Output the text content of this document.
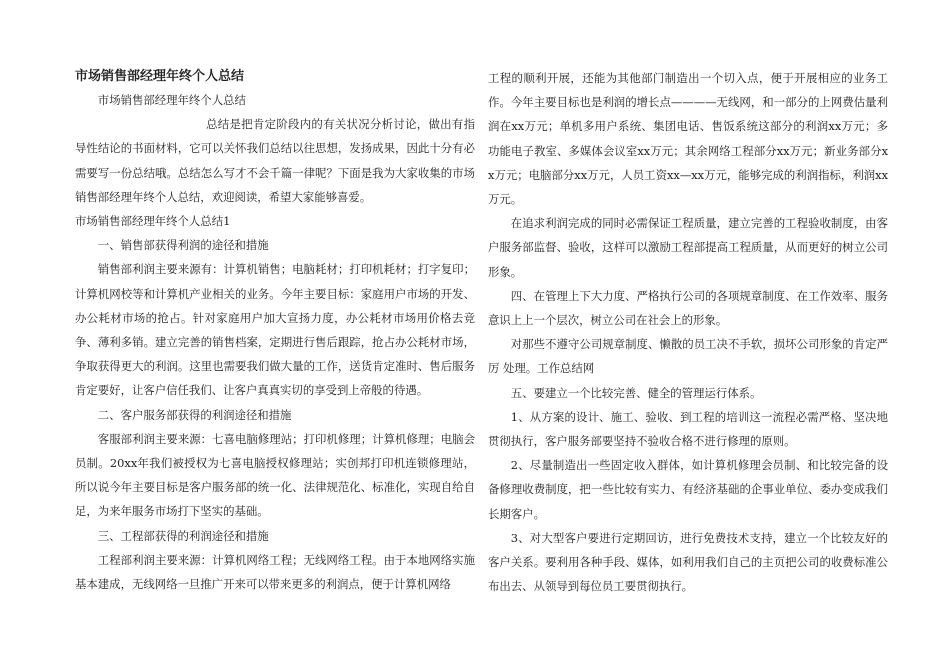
市场销售部经理年终个人总结

市场销售部经理年终个人总结

总结是把肯定阶段内的有关状况分析讨论，做出有指导性结论的书面材料，它可以关怀我们总结以往思想，发扬成果，因此十分有必需要写一份总结哦。总结怎么写才不会千篇一律呢？下面是我为大家收集的市场销售部经理年终个人总结，欢迎阅读，希望大家能够喜爱。

市场销售部经理年终个人总结1

一、销售部获得利润的途径和措施

销售部利润主要来源有：计算机销售；电脑耗材；打印机耗材；打字复印；计算机网校等和计算机产业相关的业务。今年主要目标：家庭用户市场的开发、办公耗材市场的抢占。针对家庭用户加大宣扬力度，办公耗材市场用价格去竞争、薄利多销。建立完善的销售档案，定期进行售后跟踪，抢占办公耗材市场，争取获得更大的利润。这里也需要我们做大量的工作，送货肯定准时、售后服务肯定要好，让客户信任我们、让客户真真实切的享受到上帝般的待遇。

二、客户服务部获得的利润途径和措施

客服部利润主要来源：七喜电脑修理站；打印机修理；计算机修理；电脑会员制。20xx年我们被授权为七喜电脑授权修理站；实创邦打印机连锁修理站，所以说今年主要目标是客户服务部的统一化、法律规范化、标准化，实现自给自足，为来年服务市场打下坚实的基础。

三、工程部获得的利润途径和措施

工程部利润主要来源：计算机网络工程；无线网络工程。由于本地网络实施基本建成，无线网络一旦推广开来可以带来更多的利润点，便于计算机网络

工程的顺利开展，还能为其他部门制造出一个切入点，便于开展相应的业务工作。今年主要目标也是利润的增长点————无线网，和一部分的上网费估量利润在xx万元；单机多用户系统、集团电话、售饭系统这部分的利润xx万元；多功能电子教室、多媒体会议室xx万元；其余网络工程部分xx万元；新业务部分xx万元；电脑部分xx万元，人员工资xx—xx万元，能够完成的利润指标，利润xx万元。

在追求利润完成的同时必需保证工程质量，建立完善的工程验收制度，由客户服务部监督、验收，这样可以激励工程部提高工程质量，从而更好的树立公司形象。

四、在管理上下大力度、严格执行公司的各项规章制度、在工作效率、服务意识上上一个层次，树立公司在社会上的形象。

对那些不遵守公司规章制度、懒散的员工决不手软，损坏公司形象的肯定严厉 处理。工作总结网

五、要建立一个比较完善、健全的管理运行体系。

1、从方案的设计、施工、验收、到工程的培训这一流程必需严格、坚决地贯彻执行，客户服务部要坚持不验收合格不进行修理的原则。

2、尽量制造出一些固定收入群体，如计算机修理会员制、和比较完备的设备修理收费制度，把一些比较有实力、有经济基础的企事业单位、委办变成我们长期客户。

3、对大型客户要进行定期回访，进行免费技术支持，建立一个比较友好的客户关系。要利用各种手段、媒体，如利用我们自己的主页把公司的收费标准公布出去、从领导到每位员工要贯彻执行。
